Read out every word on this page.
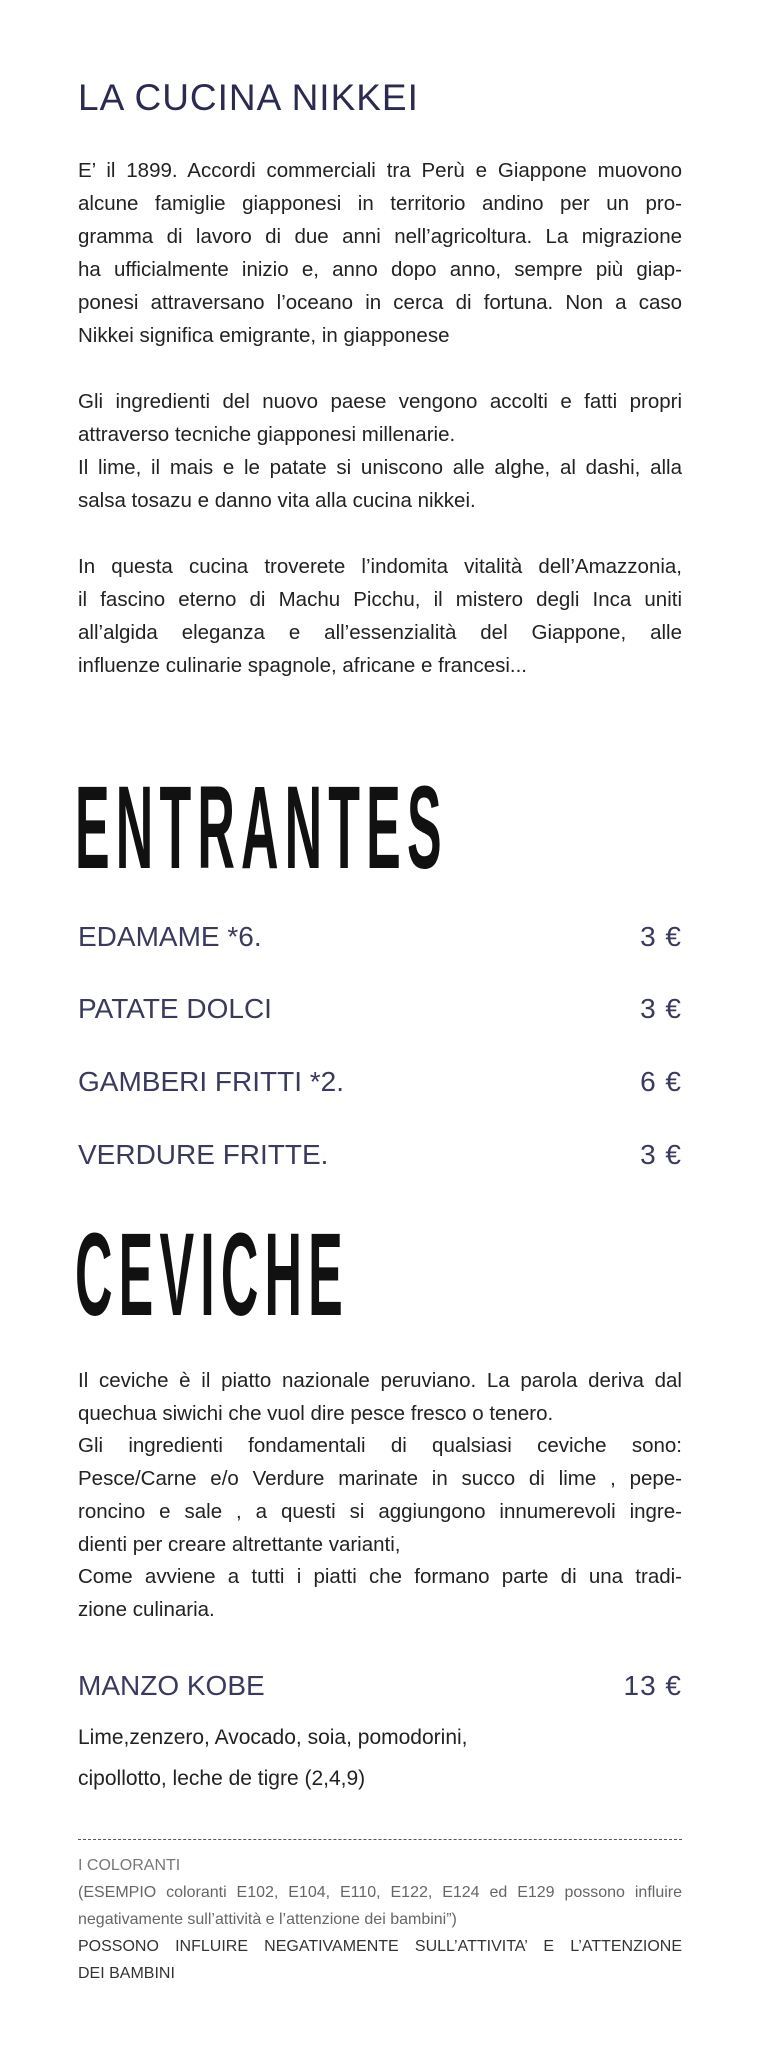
LA CUCINA NIKKEI
E’ il 1899. Accordi commerciali tra Perù e Giappone muovono
alcune famiglie giapponesi in territorio andino per un pro-
gramma di lavoro di due anni nell’agricoltura. La migrazione
ha ufficialmente inizio e, anno dopo anno, sempre più giap-
ponesi attraversano l’oceano in cerca di fortuna. Non a caso
Nikkei significa emigrante, in giapponese
Gli ingredienti del nuovo paese vengono accolti e fatti propri
attraverso tecniche giapponesi millenarie.
Il lime, il mais e le patate si uniscono alle alghe, al dashi, alla
salsa tosazu e danno vita alla cucina nikkei.
In questa cucina troverete l’indomita vitalità dell’Amazzonia,
il fascino eterno di Machu Picchu, il mistero degli Inca uniti
all’algida eleganza e all’essenzialità del Giappone, alle
influenze culinarie spagnole, africane e francesi...
ENTRANTES
EDAMAME *6.	3 €
PATATE DOLCI	3 €
GAMBERI FRITTI *2.	6 €
VERDURE FRITTE.	3 €
CEVICHE
Il ceviche è il piatto nazionale peruviano. La parola deriva dal
quechua siwichi che vuol dire pesce fresco o tenero.
Gli ingredienti fondamentali di qualsiasi ceviche sono:
Pesce/Carne e/o Verdure marinate in succo di lime , pepe-
roncino e sale , a questi si aggiungono innumerevoli ingre-
dienti per creare altrettante varianti,
Come avviene a tutti i piatti che formano parte di una tradi-
zione culinaria.
MANZO KOBE	13 €
Lime,zenzero, Avocado, soia, pomodorini,
cipollotto, leche de tigre (2,4,9)
I COLORANTI
(ESEMPIO coloranti E102, E104, E110, E122, E124 ed E129 possono influire
negativamente sull’attività e l’attenzione dei bambini”)
POSSONO INFLUIRE NEGATIVAMENTE SULL’ATTIVITA’ E L’ATTENZIONE
DEI BAMBINI
